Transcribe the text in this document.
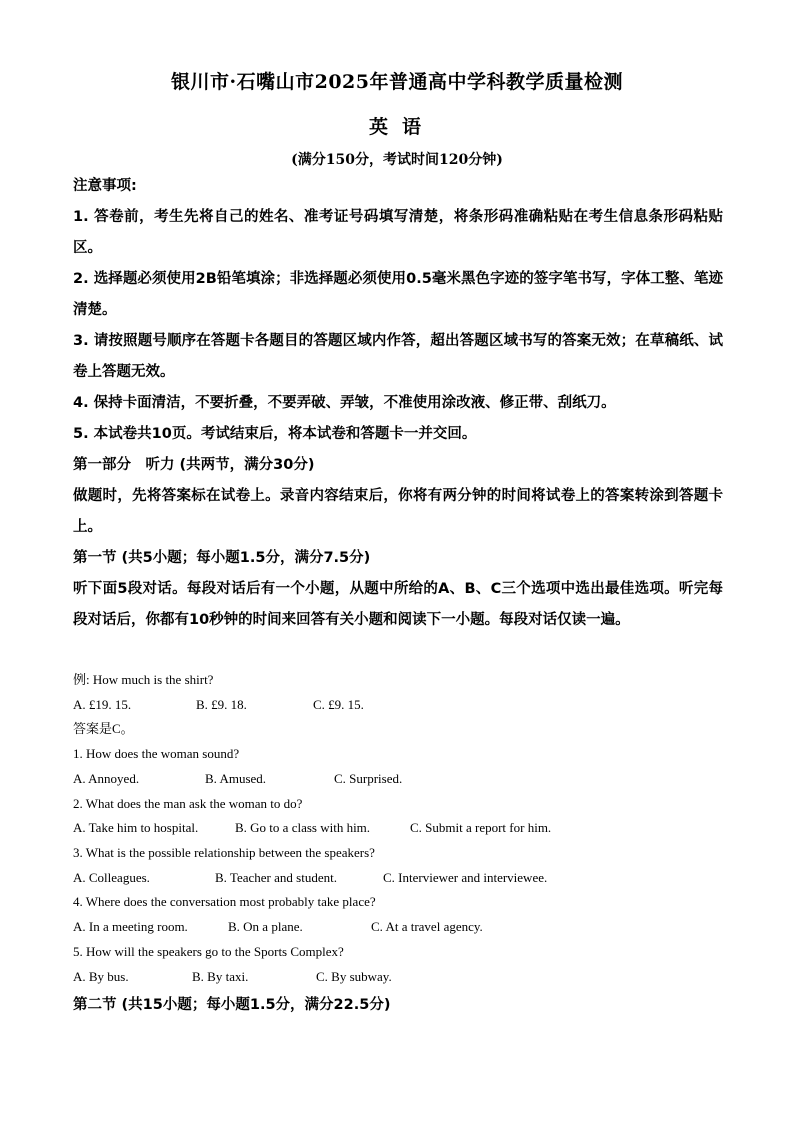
银川市·石嘴山市2025年普通高中学科教学质量检测
英语
(满分150分，考试时间120分钟)
注意事项:
1. 答卷前，考生先将自己的姓名、准考证号码填写清楚，将条形码准确粘贴在考生信息条形码粘贴区。
2. 选择题必须使用2B铅笔填涂；非选择题必须使用0.5毫米黑色字迹的签字笔书写，字体工整、笔迹清楚。
3. 请按照题号顺序在答题卡各题目的答题区域内作答，超出答题区域书写的答案无效；在草稿纸、试卷上答题无效。
4. 保持卡面清洁，不要折叠，不要弄破、弄皱，不准使用涂改液、修正带、刮纸刀。
5. 本试卷共10页。考试结束后，将本试卷和答题卡一并交回。
第一部分　听力 (共两节，满分30分)
做题时，先将答案标在试卷上。录音内容结束后，你将有两分钟的时间将试卷上的答案转涂到答题卡上。
第一节 (共5小题；每小题1.5分，满分7.5分)
听下面5段对话。每段对话后有一个小题，从题中所给的A、B、C三个选项中选出最佳选项。听完每段对话后，你都有10秒钟的时间来回答有关小题和阅读下一小题。每段对话仅读一遍。
例: How much is the shirt?
A. £19. 15.	B. £9. 18.	C. £9. 15.
答案是C。
1. How does the woman sound?
A. Annoyed.	B. Amused.	C. Surprised.
2. What does the man ask the woman to do?
A. Take him to hospital.	B. Go to a class with him.	C. Submit a report for him.
3. What is the possible relationship between the speakers?
A. Colleagues.	B. Teacher and student.	C. Interviewer and interviewee.
4. Where does the conversation most probably take place?
A. In a meeting room.	B. On a plane.	C. At a travel agency.
5. How will the speakers go to the Sports Complex?
A. By bus.	B. By taxi.	C. By subway.
第二节 (共15小题；每小题1.5分，满分22.5分)
